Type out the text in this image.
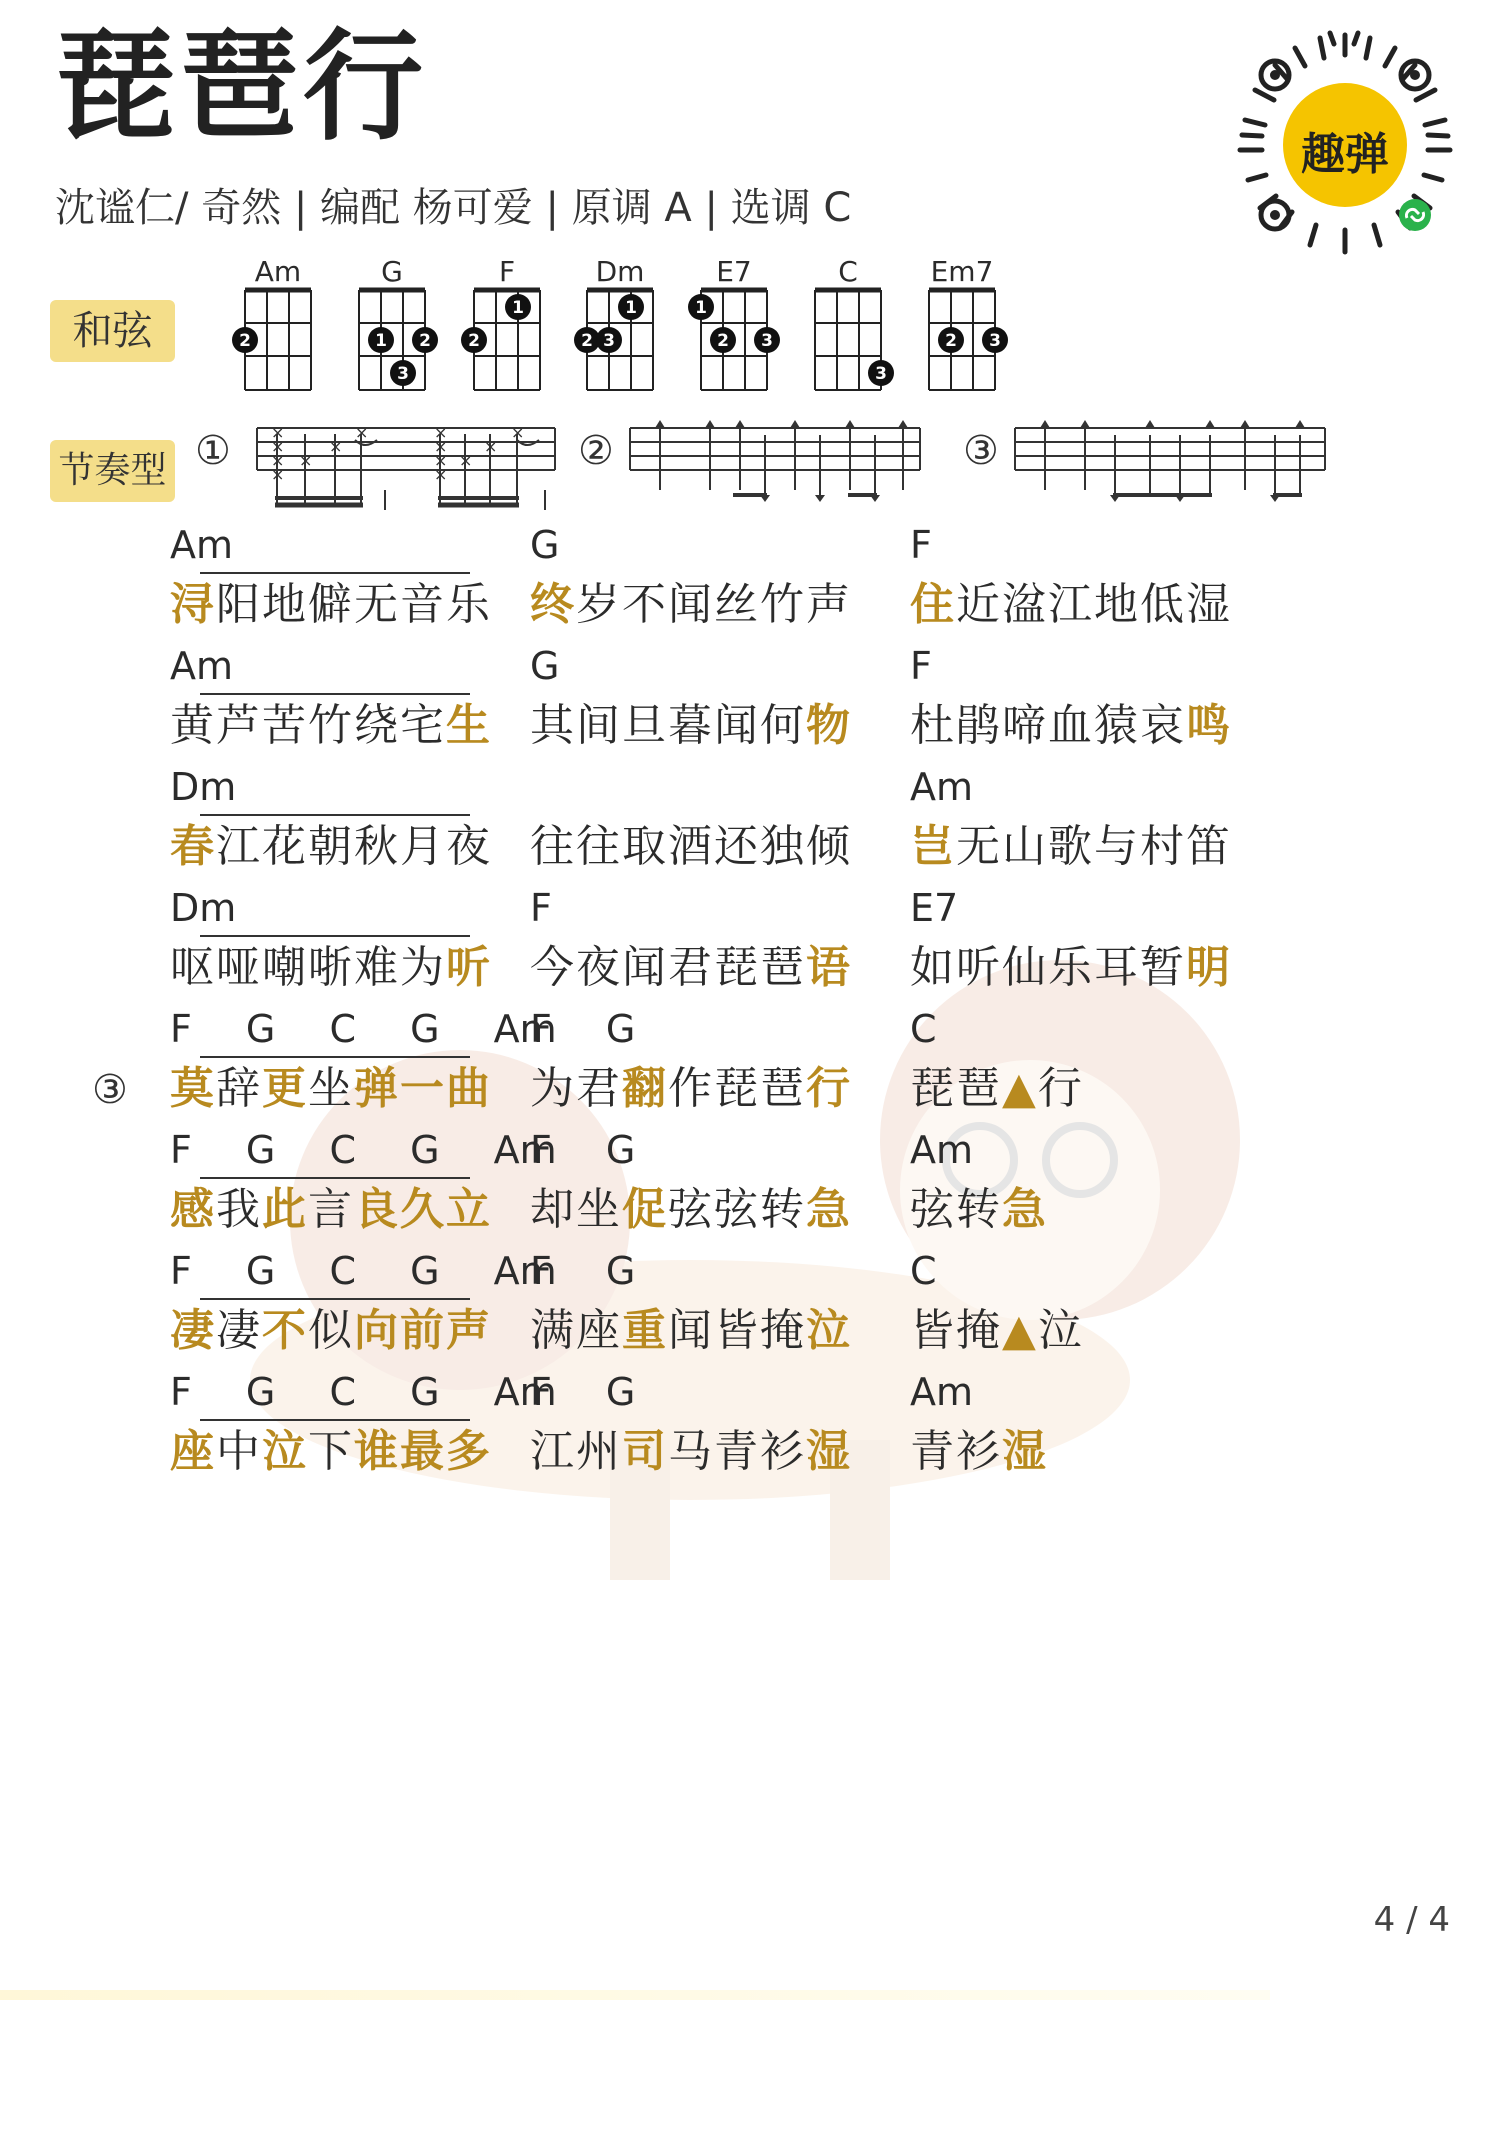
琵琶行
沈谧仁/ 奇然 | 编配 杨可爱 | 原调 A | 选调 C
趣弹
和弦
Am	G	F	Dm	E7	C	Em7
2	1 2
3
2
1
2 3
1	1
2 3
3
2 3
节奏型 ①	②	③
×
×
×
×
×
×
×	×
×
×
×
×
×
×
浔阳地僻无音乐 终岁不闻丝竹声 住近湓江地低湿
Am	G	F
黄芦苦竹绕宅生 其间旦暮闻何物 杜鹃啼血猿哀鸣
Am	G	F
春江花朝秋月夜 往往取酒还独倾 岂无山歌与村笛
Dm	Am
呕哑嘲哳难为听 今夜闻君琵琶语 如听仙乐耳暂明
Dm	F	E7
莫辞更坐弹一曲 为君翻作琵琶行 琵琶▲行
F G C G Am
F G	C
感我此言良久立 却坐促弦弦转急 弦转急
F G C G Am
F G	Am
凄凄不似向前声 满座重闻皆掩泣 皆掩▲泣
F G C G Am
F G	C
座中泣下谁最多 江州司马青衫湿 青衫湿
F G C G Am
F G	Am
③
4 / 4
